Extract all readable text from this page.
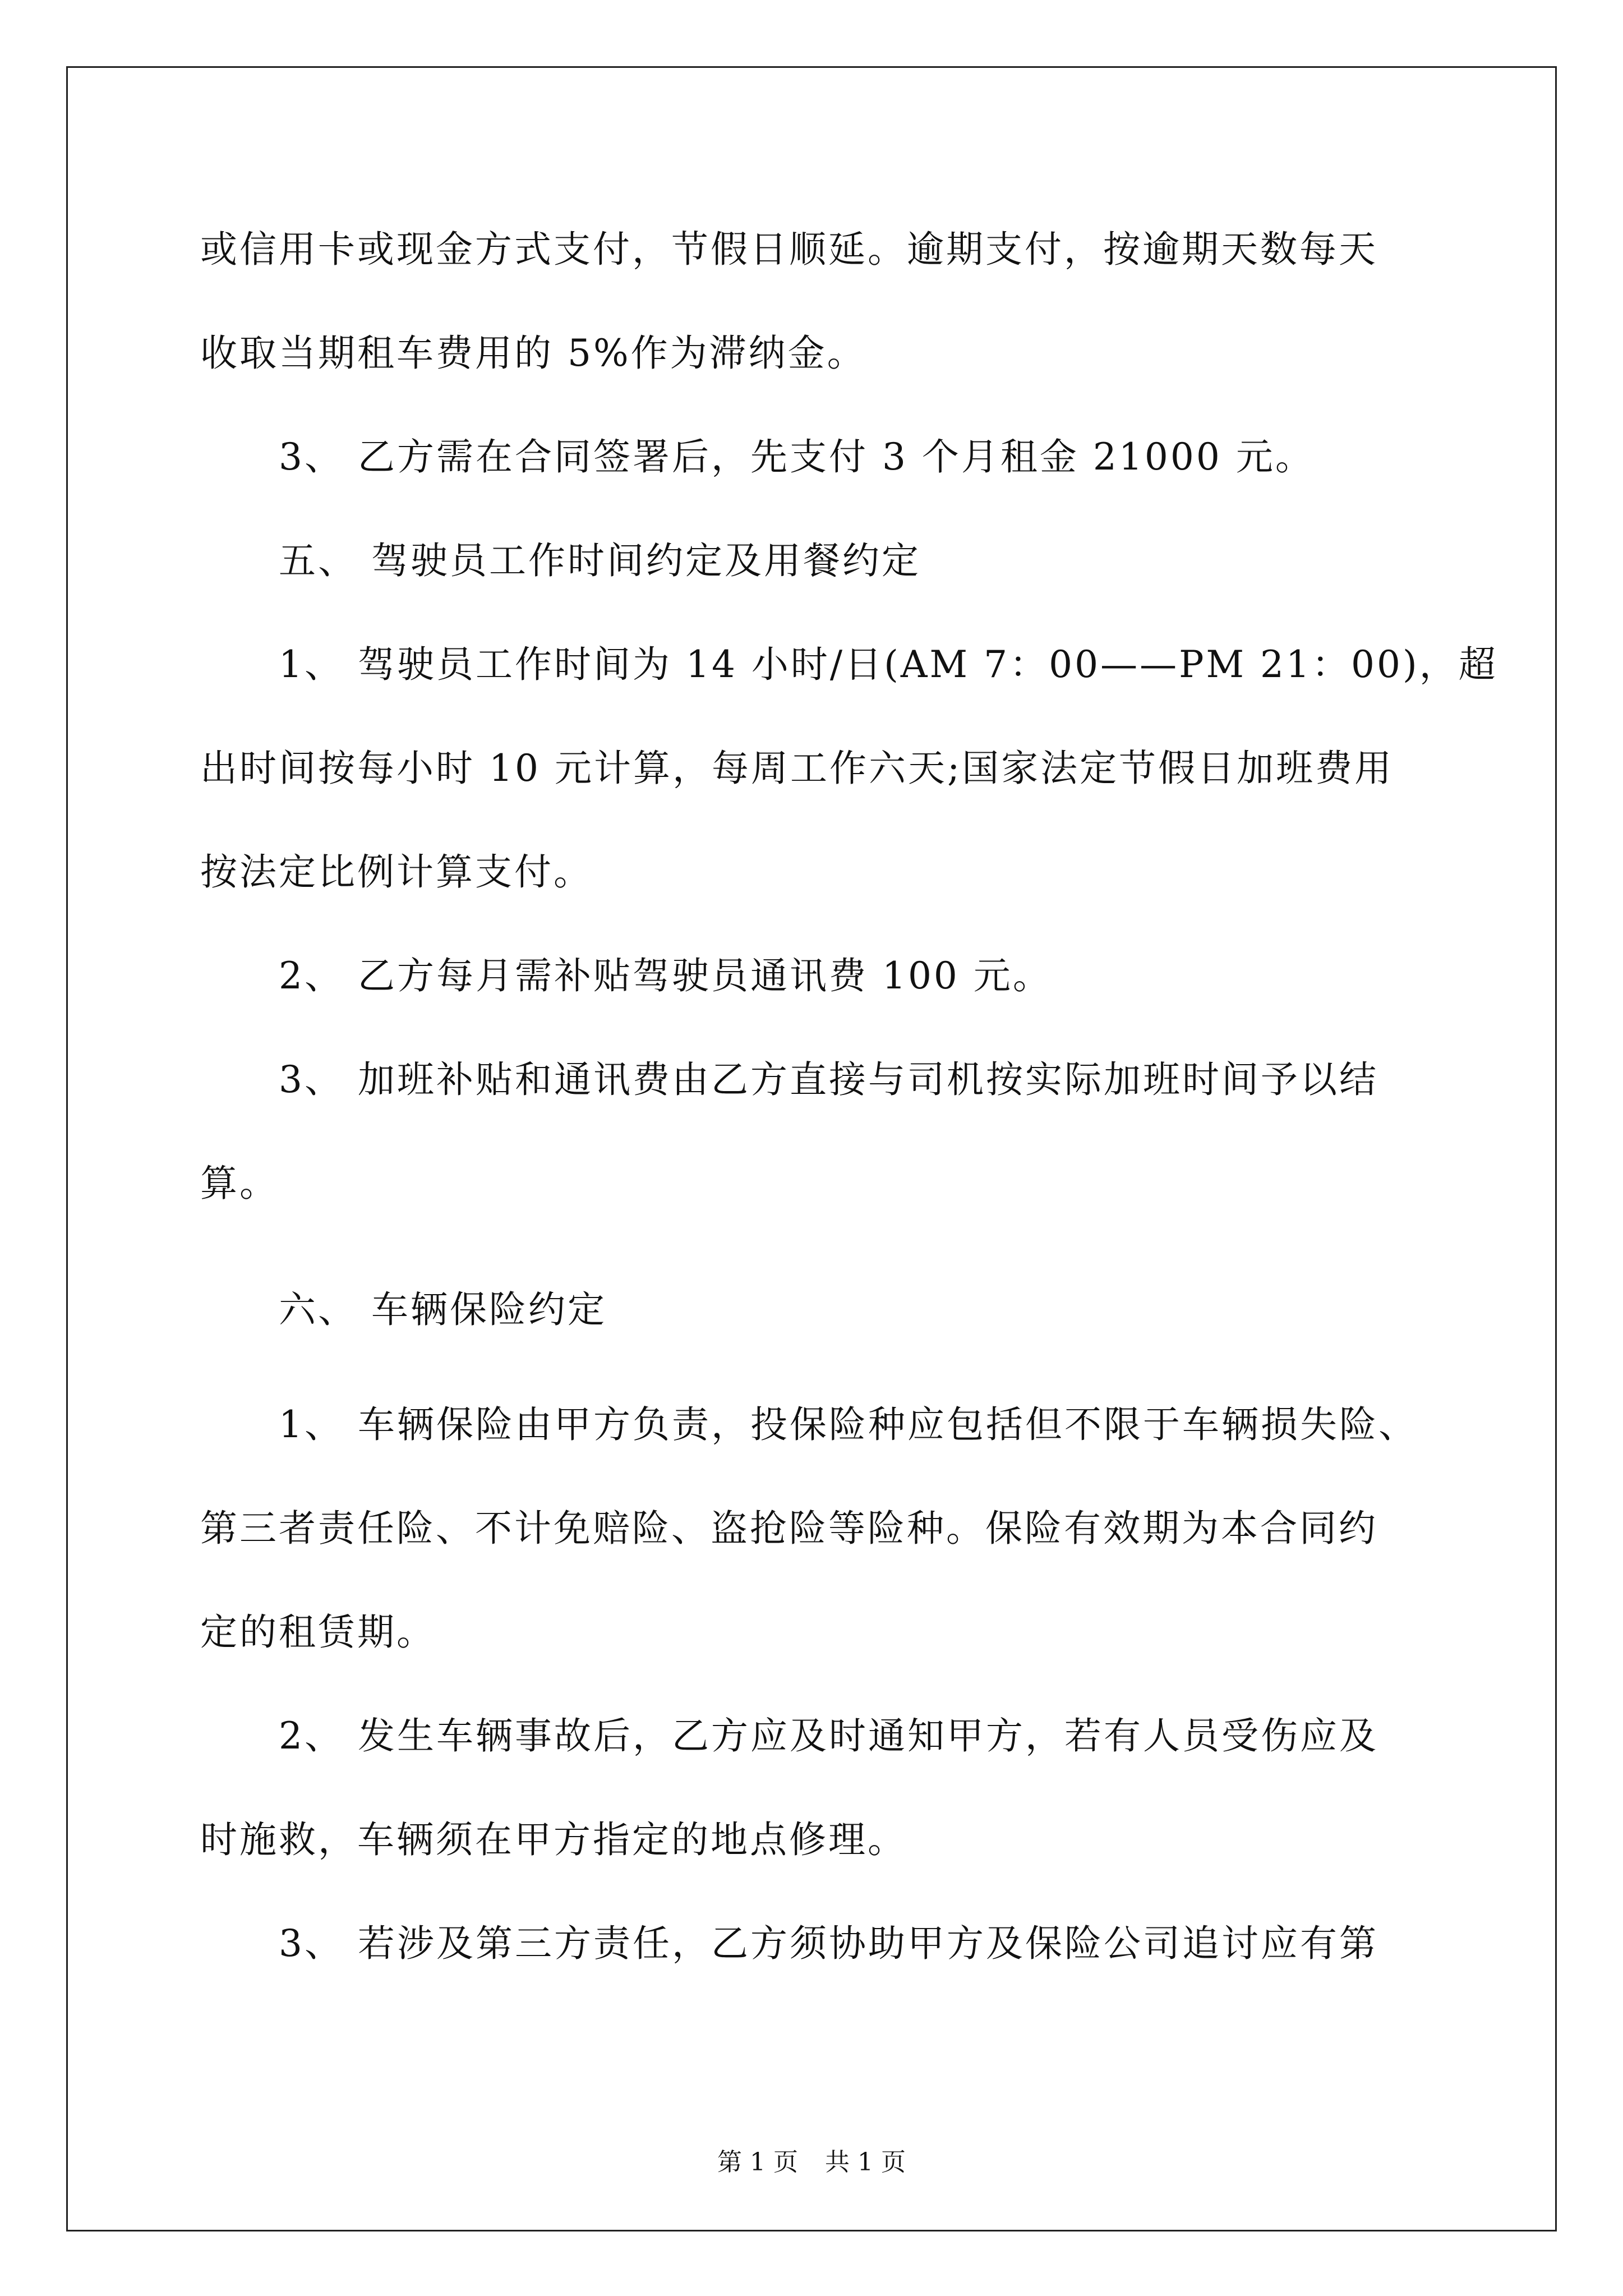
或信用卡或现金方式支付，节假日顺延。逾期支付，按逾期天数每天

收取当期租车费用的 5%作为滞纳金。

3、 乙方需在合同签署后，先支付 3 个月租金 21000 元。

五、 驾驶员工作时间约定及用餐约定

1、 驾驶员工作时间为 14 小时/日(AM 7：00——PM 21：00)，超

出时间按每小时 10 元计算，每周工作六天;国家法定节假日加班费用

按法定比例计算支付。

2、 乙方每月需补贴驾驶员通讯费 100 元。

3、 加班补贴和通讯费由乙方直接与司机按实际加班时间予以结

算。

六、 车辆保险约定

1、 车辆保险由甲方负责，投保险种应包括但不限于车辆损失险、

第三者责任险、不计免赔险、盗抢险等险种。保险有效期为本合同约

定的租赁期。

2、 发生车辆事故后，乙方应及时通知甲方，若有人员受伤应及

时施救，车辆须在甲方指定的地点修理。

3、 若涉及第三方责任，乙方须协助甲方及保险公司追讨应有第

第 1 页 共 1 页
